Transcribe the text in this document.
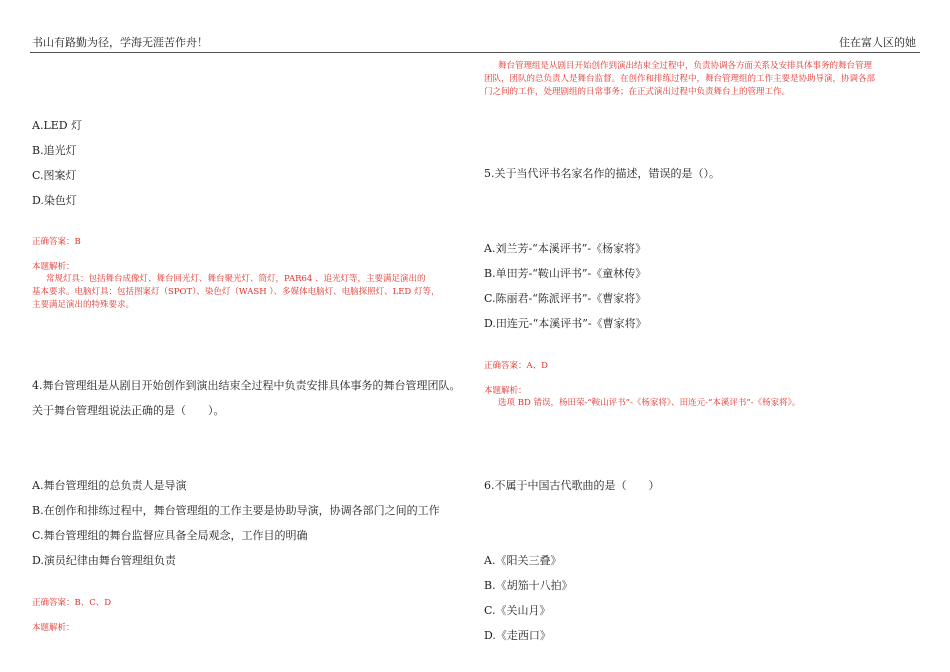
书山有路勤为径，学海无涯苦作舟！	住在富人区的她
A.LED 灯
B.追光灯
C.图案灯
D.染色灯
正确答案：B
本题解析：
常规灯具：包括舞台成像灯、舞台回光灯、舞台聚光灯、筒灯，PAR64 、追光灯等，主要满足演出的
基本要求。电脑灯具：包括图案灯（SPOT）、染色灯（WASH ）、多媒体电脑灯、电脑探照灯、LED 灯等，
主要满足演出的特殊要求。
4.舞台管理组是从剧目开始创作到演出结束全过程中负责安排具体事务的舞台管理团队。
关于舞台管理组说法正确的是（　　）。
A.舞台管理组的总负责人是导演
B.在创作和排练过程中，舞台管理组的工作主要是协助导演，协调各部门之间的工作
C.舞台管理组的舞台监督应具备全局观念，工作目的明确
D.演员纪律由舞台管理组负责
正确答案：B、C、D
本题解析：
舞台管理组是从剧目开始创作到演出结束全过程中，负责协调各方面关系及安排具体事务的舞台管理
团队，团队的总负责人是舞台监督。在创作和排练过程中，舞台管理组的工作主要是协助导演，协调各部
门之间的工作，处理剧组的日常事务；在正式演出过程中负责舞台上的管理工作。
5.关于当代评书名家名作的描述，错误的是（）。
A.刘兰芳-“本溪评书”-《杨家将》
B.单田芳-“鞍山评书”-《童林传》
C.陈丽君-“陈派评书”-《曹家将》
D.田连元-“本溪评书”-《曹家将》
正确答案：A、D
本题解析：
选项 BD 错误，杨田荣-“鞍山评书”-《杨家将》、田连元-“本溪评书”-《杨家将》。
6.不属于中国古代歌曲的是（　　）
A.《阳关三叠》
B.《胡笳十八拍》
C.《关山月》
D.《走西口》
